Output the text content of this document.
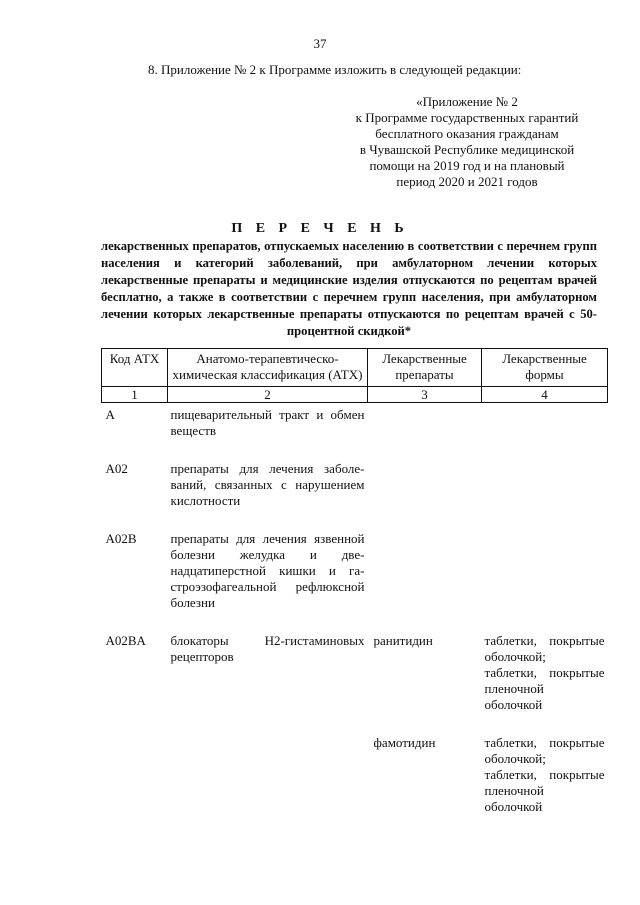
37
8. Приложение № 2 к Программе изложить в следующей редакции:
«Приложение № 2
к Программе государственных гарантий
бесплатного оказания гражданам
в Чувашской Республике медицинской
помощи на 2019 год и на плановый
период 2020 и 2021 годов
П Е Р Е Ч Е Н Ь
лекарственных препаратов, отпускаемых населению в соответствии с перечнем групп населения и категорий заболеваний, при амбулаторном лечении которых лекарственные препараты и медицинские изделия отпускаются по рецептам врачей бесплатно, а также в соответствии с перечнем групп населения, при амбулаторном лечении которых лекарственные препараты отпускаются по рецептам врачей с 50-процентной скидкой*
Код АТХ	Анатомо-терапевтическо-химическая классификация (АТХ)	Лекарственные препараты	Лекарственные формы
1	2	3	4
A	пищеварительный тракт и обмен веществ		
A02	препараты для лечения заболеваний, связанных с нарушением кислотности		
A02B	препараты для лечения язвенной болезни желудка и двенадцатиперстной кишки и гастроэзофагеальной рефлюксной болезни		
A02BA	блокаторы Н2-гистаминовых рецепторов	ранитидин	таблетки, покрытые оболочкой;
таблетки, покрытые пленочной оболочкой

		фамотидин	таблетки, покрытые оболочкой;
таблетки, покрытые пленочной оболочкой
